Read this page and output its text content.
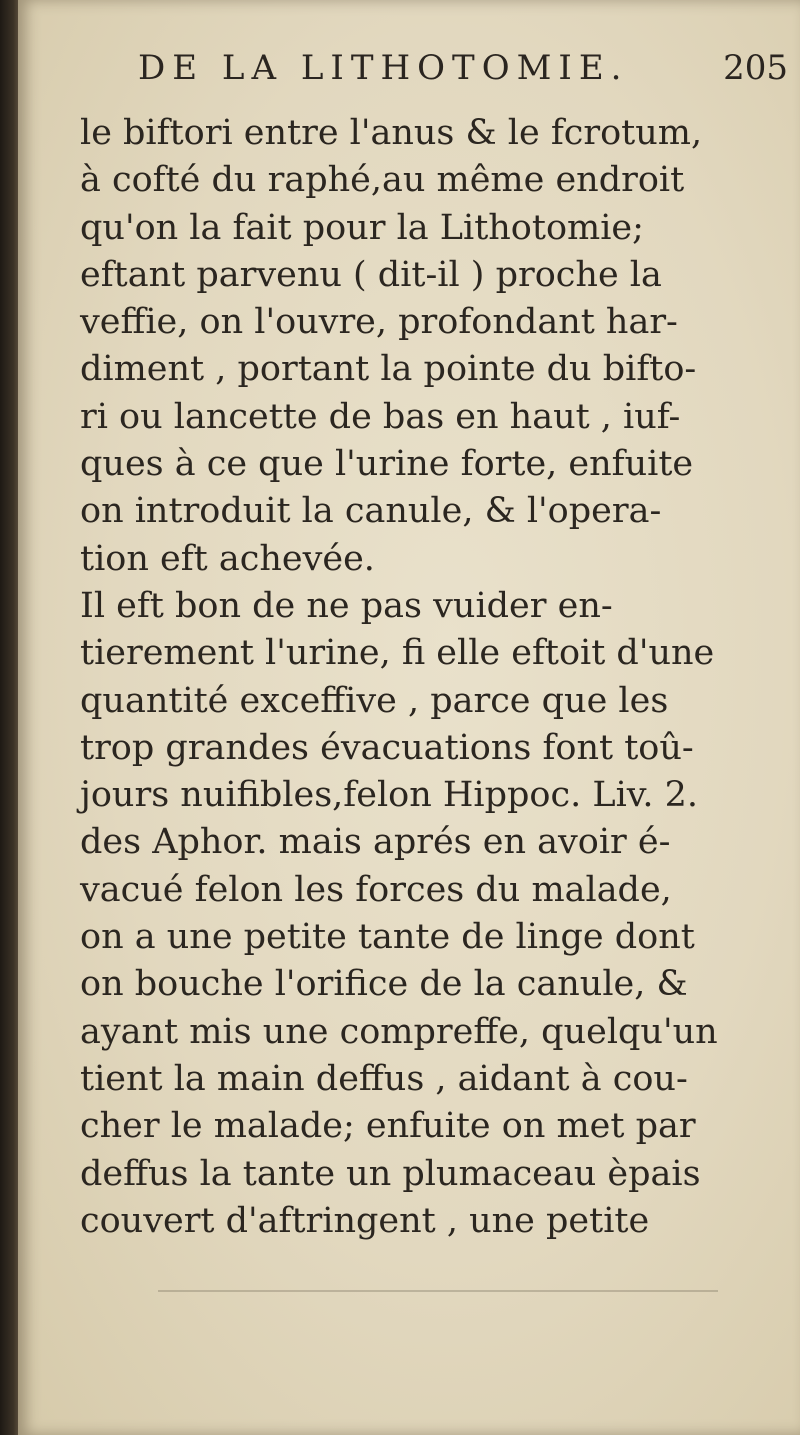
DE LA LITHOTOMIE.	205
le biftori entre l'anus & le fcrotum,
à cofté du raphé,au même endroit
qu'on la fait pour la Lithotomie;
eftant parvenu ( dit-il ) proche la
veffie, on l'ouvre, profondant har-
diment , portant la pointe du bifto-
ri ou lancette de bas en haut , iuf-
ques à ce que l'urine forte, enfuite
on introduit la canule, & l'opera-
tion eft achevée.
Il eft bon de ne pas vuider en-
tierement l'urine, fi elle eftoit d'une
quantité exceffive , parce que les
trop grandes évacuations font toû-
jours nuifibles,felon Hippoc. Liv. 2.
des Aphor. mais aprés en avoir é-
vacué felon les forces du malade,
on a une petite tante de linge dont
on bouche l'orifice de la canule, &
ayant mis une compreffe, quelqu'un
tient la main deffus , aidant à cou-
cher le malade; enfuite on met par
deffus la tante un plumaceau èpais
couvert d'aftringent , une petite
